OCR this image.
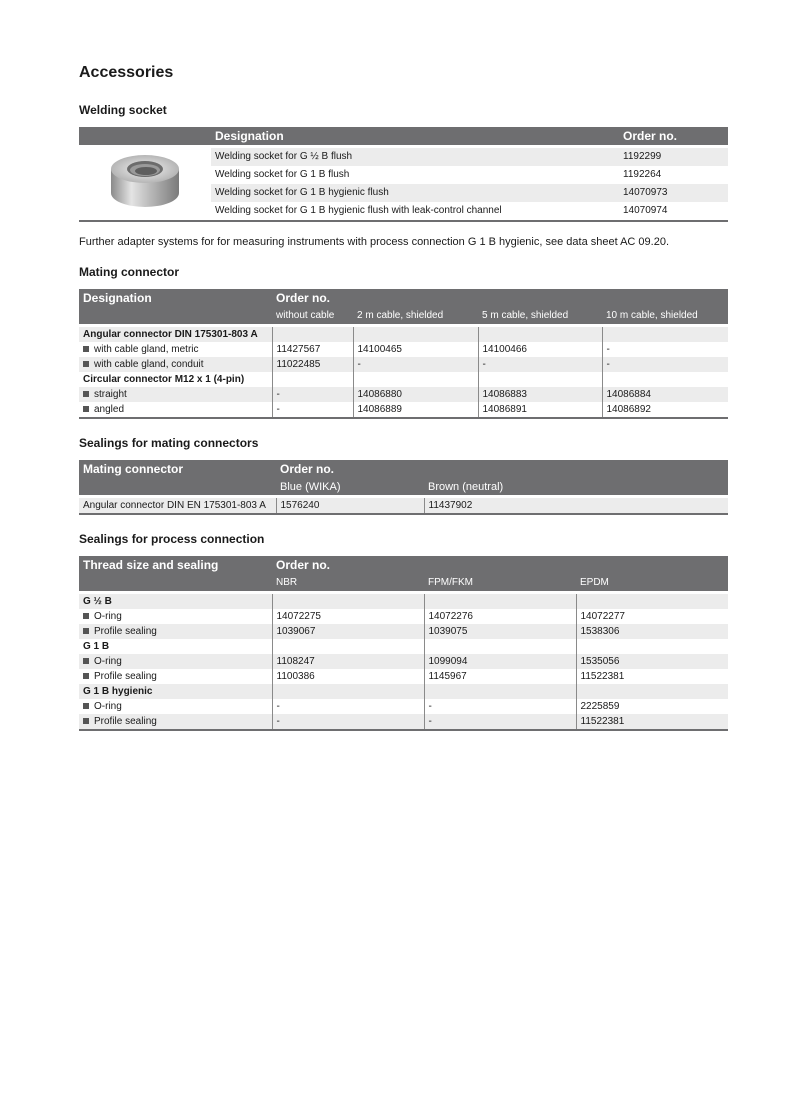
Accessories
Welding socket
	Designation	Order no.

	Welding socket for G ½ B flush	1192299
	Welding socket for G 1 B flush	1192264
	Welding socket for G 1 B hygienic flush	14070973
	Welding socket for G 1 B hygienic flush with leak-control channel	14070974

Further adapter systems for for measuring instruments with process connection G 1 B hygienic, see data sheet AC 09.20.

Mating connector
Designation	Order no.			
	without cable	2 m cable, shielded	5 m cable, shielded	10 m cable, shielded

Angular connector DIN 175301-803 A				
with cable gland, metric	11427567	14100465	14100466	-
with cable gland, conduit	11022485	-	-	-
Circular connector M12 x 1 (4-pin)				
straight	-	14086880	14086883	14086884
angled	-	14086889	14086891	14086892
Sealings for mating connectors
Mating connector	Order no.	
	Blue (WIKA)	Brown (neutral)

Angular connector DIN EN 175301-803 A	1576240	11437902
Sealings for process connection
Thread size and sealing	Order no.		
	NBR	FPM/FKM	EPDM

G ½ B			
O-ring	14072275	14072276	14072277
Profile sealing	1039067	1039075	1538306
G 1 B			
O-ring	1108247	1099094	1535056
Profile sealing	1100386	1145967	11522381
G 1 B hygienic			
O-ring	-	-	2225859
Profile sealing	-	-	11522381
